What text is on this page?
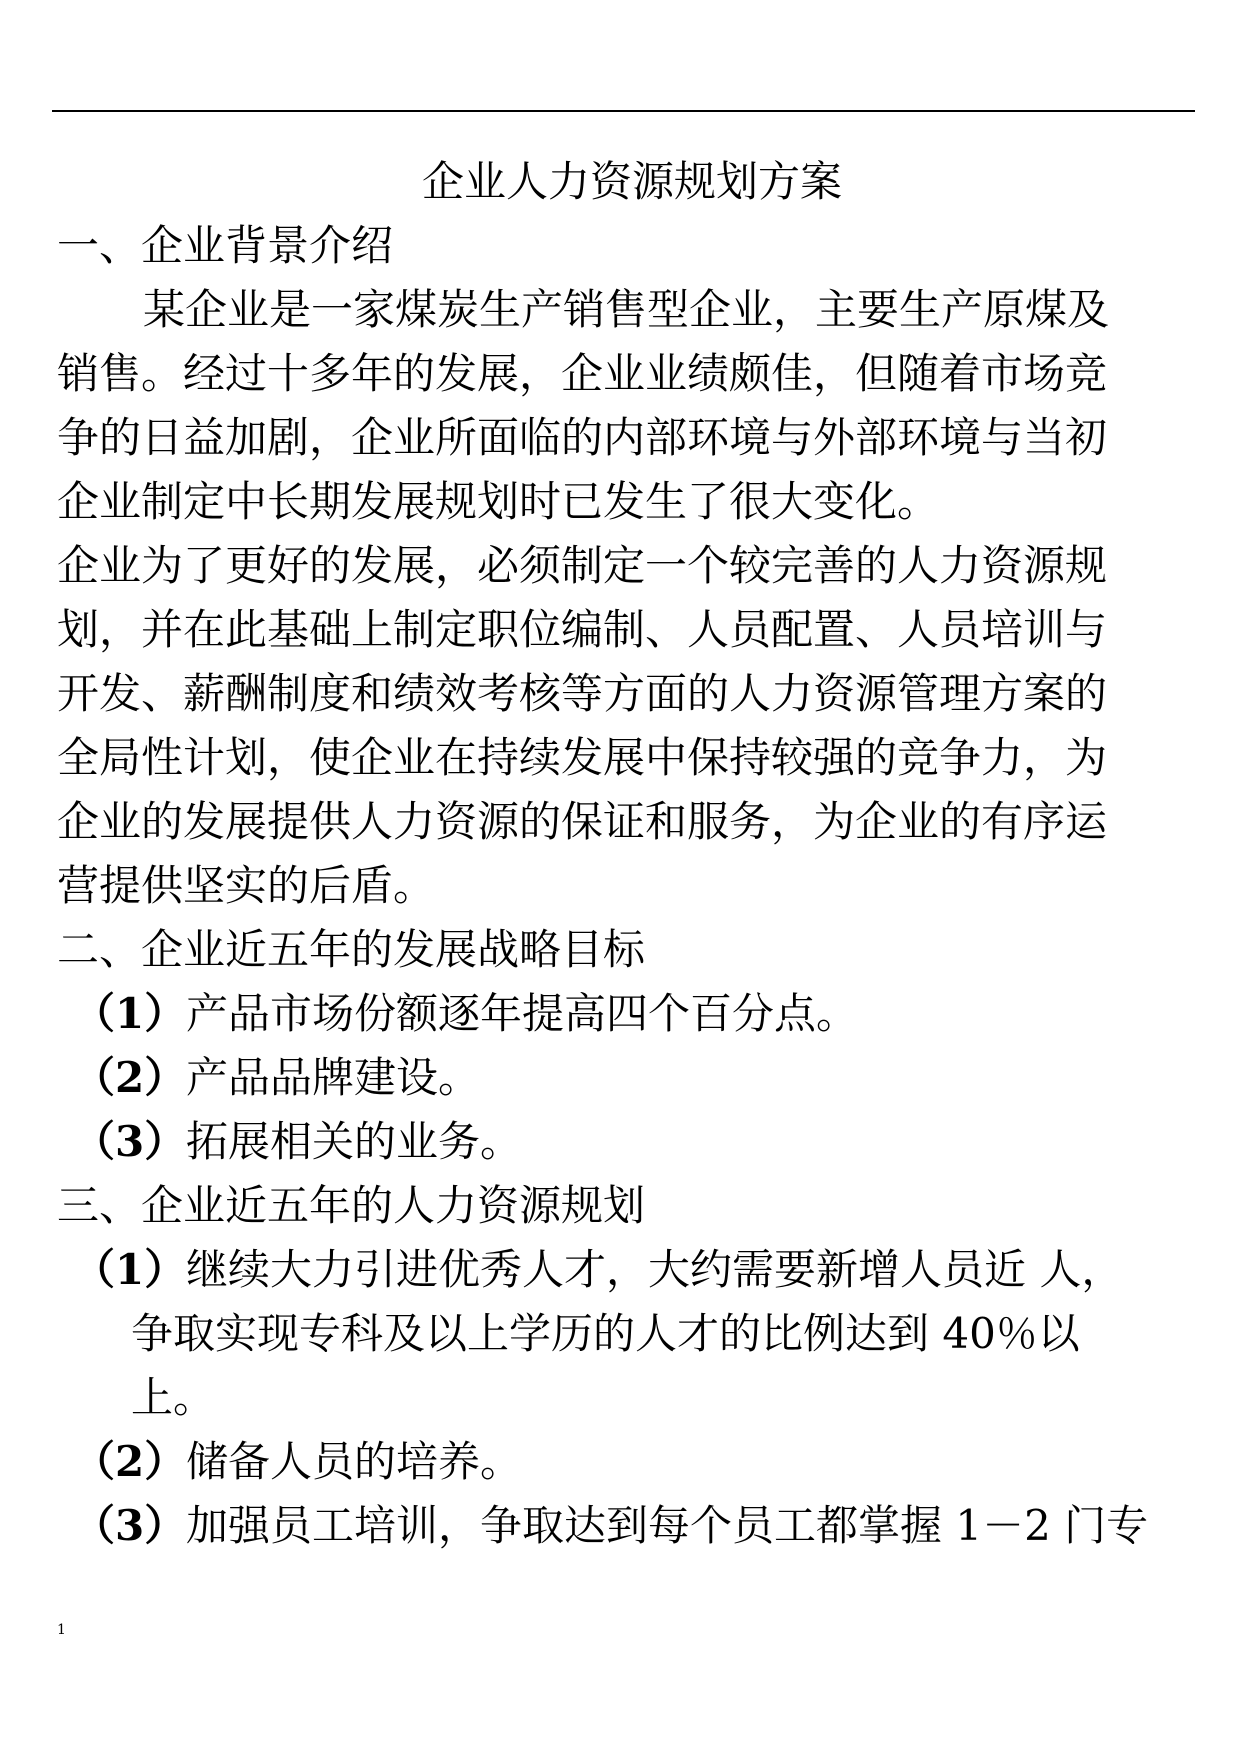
企业人力资源规划方案
一、企业背景介绍
某企业是一家煤炭生产销售型企业，主要生产原煤及
销售。经过十多年的发展，企业业绩颇佳，但随着市场竞
争的日益加剧，企业所面临的内部环境与外部环境与当初
企业制定中长期发展规划时已发生了很大变化。
企业为了更好的发展，必须制定一个较完善的人力资源规
划，并在此基础上制定职位编制、人员配置、人员培训与
开发、薪酬制度和绩效考核等方面的人力资源管理方案的
全局性计划，使企业在持续发展中保持较强的竞争力，为
企业的发展提供人力资源的保证和服务，为企业的有序运
营提供坚实的后盾。
二、企业近五年的发展战略目标
（1） 产品市场份额逐年提高四个百分点。
（2） 产品品牌建设。
（3） 拓展相关的业务。
三、企业近五年的人力资源规划
（1） 继续大力引进优秀人才，大约需要新增人员近 人，
争取实现专科及以上学历的人才的比例达到 40％以
上。
（2） 储备人员的培养。
（3） 加强员工培训，争取达到每个员工都掌握 1－2 门专
1
